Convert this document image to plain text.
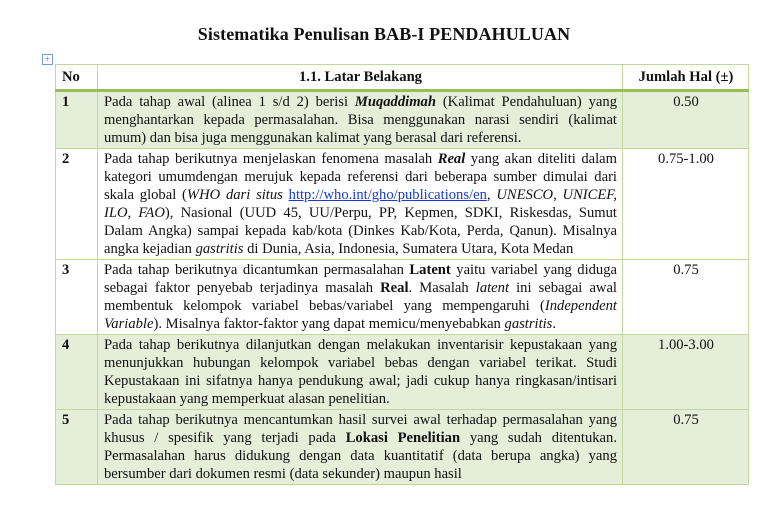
Sistematika Penulisan BAB-I PENDAHULUAN
+
No	1.1. Latar Belakang	Jumlah Hal (±)
1	Pada tahap awal (alinea 1 s/d 2) berisi Muqaddimah (Kalimat Pendahuluan) yang menghantarkan kepada permasalahan. Bisa menggunakan narasi sendiri (kalimat umum) dan bisa juga menggunakan kalimat yang berasal dari referensi.	0.50
2	Pada tahap berikutnya menjelaskan fenomena masalah Real yang akan diteliti dalam kategori umumdengan merujuk kepada referensi dari beberapa sumber dimulai dari skala global (WHO dari situs http://who.int/gho/publications/en, UNESCO, UNICEF, ILO, FAO), Nasional (UUD 45, UU/Perpu, PP, Kepmen, SDKI, Riskesdas, Sumut Dalam Angka) sampai kepada kab/kota (Dinkes Kab/Kota, Perda, Qanun). Misalnya angka kejadian gastritis di Dunia, Asia, Indonesia, Sumatera Utara, Kota Medan	0.75-1.00
3	Pada tahap berikutnya dicantumkan permasalahan Latent yaitu variabel yang diduga sebagai faktor penyebab terjadinya masalah Real. Masalah latent ini sebagai awal membentuk kelompok variabel bebas/variabel yang mempengaruhi (Independent Variable). Misalnya faktor-faktor yang dapat memicu/menyebabkan gastritis.	0.75
4	Pada tahap berikutnya dilanjutkan dengan melakukan inventarisir kepustakaan yang menunjukkan hubungan kelompok variabel bebas dengan variabel terikat. Studi Kepustakaan ini sifatnya hanya pendukung awal; jadi cukup hanya ringkasan/intisari kepustakaan yang memperkuat alasan penelitian.	1.00-3.00
5	Pada tahap berikutnya mencantumkan hasil survei awal terhadap permasalahan yang khusus / spesifik yang terjadi pada Lokasi Penelitian yang sudah ditentukan. Permasalahan harus didukung dengan data kuantitatif (data berupa angka) yang bersumber dari dokumen resmi (data sekunder) maupun hasil	0.75
